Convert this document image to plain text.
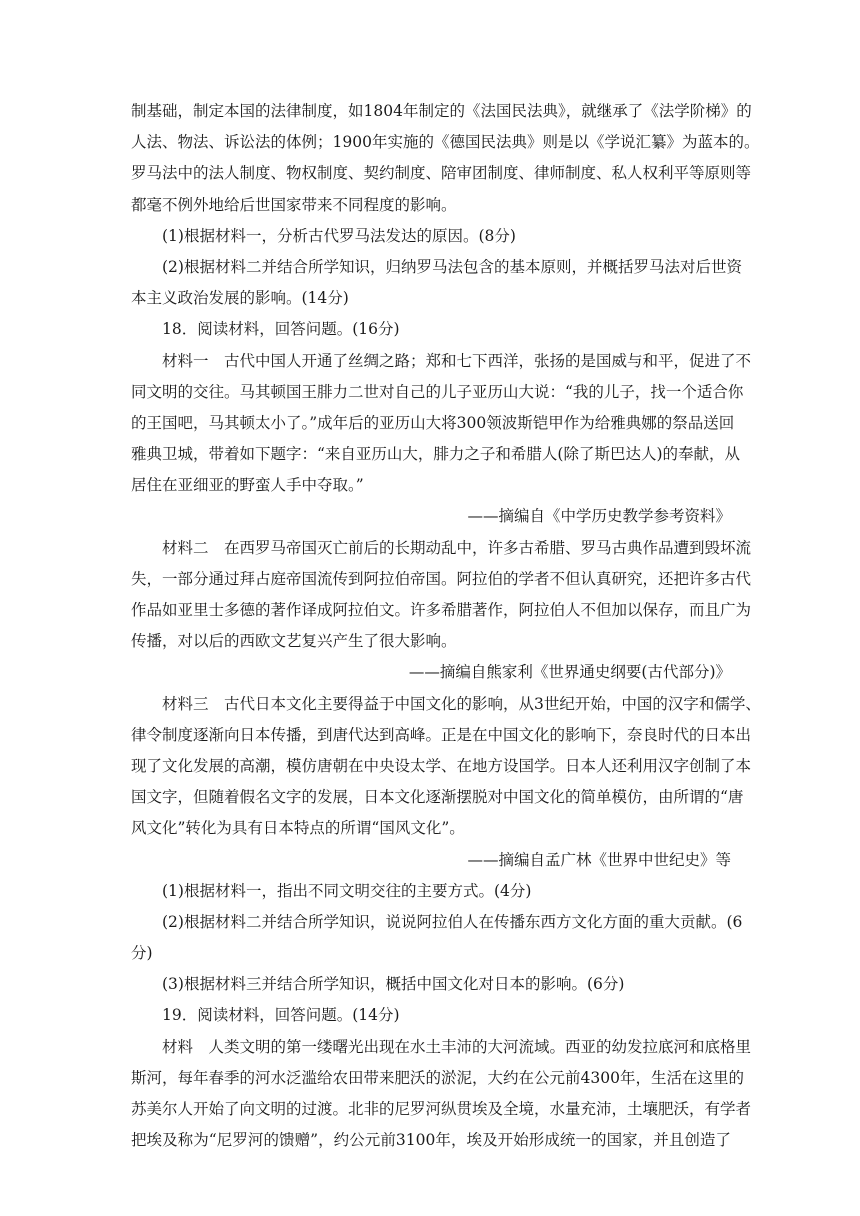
制基础，制定本国的法律制度，如1804年制定的《法国民法典》，就继承了《法学阶梯》的
人法、物法、诉讼法的体例；1900年实施的《德国民法典》则是以《学说汇纂》为蓝本的。
罗马法中的法人制度、物权制度、契约制度、陪审团制度、律师制度、私人权利平等原则等
都毫不例外地给后世国家带来不同程度的影响。
(1)根据材料一，分析古代罗马法发达的原因。(8分)
(2)根据材料二并结合所学知识，归纳罗马法包含的基本原则，并概括罗马法对后世资
本主义政治发展的影响。(14分)
18．阅读材料，回答问题。(16分)
材料一　古代中国人开通了丝绸之路；郑和七下西洋，张扬的是国威与和平，促进了不
同文明的交往。马其顿国王腓力二世对自己的儿子亚历山大说：“我的儿子，找一个适合你
的王国吧，马其顿太小了。”成年后的亚历山大将300领波斯铠甲作为给雅典娜的祭品送回
雅典卫城，带着如下题字：“来自亚历山大，腓力之子和希腊人(除了斯巴达人)的奉献，从
居住在亚细亚的野蛮人手中夺取。”
——摘编自《中学历史教学参考资料》
材料二　在西罗马帝国灭亡前后的长期动乱中，许多古希腊、罗马古典作品遭到毁坏流
失，一部分通过拜占庭帝国流传到阿拉伯帝国。阿拉伯的学者不但认真研究，还把许多古代
作品如亚里士多德的著作译成阿拉伯文。许多希腊著作，阿拉伯人不但加以保存，而且广为
传播，对以后的西欧文艺复兴产生了很大影响。
——摘编自熊家利《世界通史纲要(古代部分)》
材料三　古代日本文化主要得益于中国文化的影响，从3世纪开始，中国的汉字和儒学、
律令制度逐渐向日本传播，到唐代达到高峰。正是在中国文化的影响下，奈良时代的日本出
现了文化发展的高潮，模仿唐朝在中央设太学、在地方设国学。日本人还利用汉字创制了本
国文字，但随着假名文字的发展，日本文化逐渐摆脱对中国文化的简单模仿，由所谓的“唐
风文化”转化为具有日本特点的所谓“国风文化”。
——摘编自孟广林《世界中世纪史》等
(1)根据材料一，指出不同文明交往的主要方式。(4分)
(2)根据材料二并结合所学知识，说说阿拉伯人在传播东西方文化方面的重大贡献。(6
分)
(3)根据材料三并结合所学知识，概括中国文化对日本的影响。(6分)
19．阅读材料，回答问题。(14分)
材料　人类文明的第一缕曙光出现在水土丰沛的大河流域。西亚的幼发拉底河和底格里
斯河，每年春季的河水泛滥给农田带来肥沃的淤泥，大约在公元前4300年，生活在这里的
苏美尔人开始了向文明的过渡。北非的尼罗河纵贯埃及全境，水量充沛，土壤肥沃，有学者
把埃及称为“尼罗河的馈赠”，约公元前3100年，埃及开始形成统一的国家，并且创造了
